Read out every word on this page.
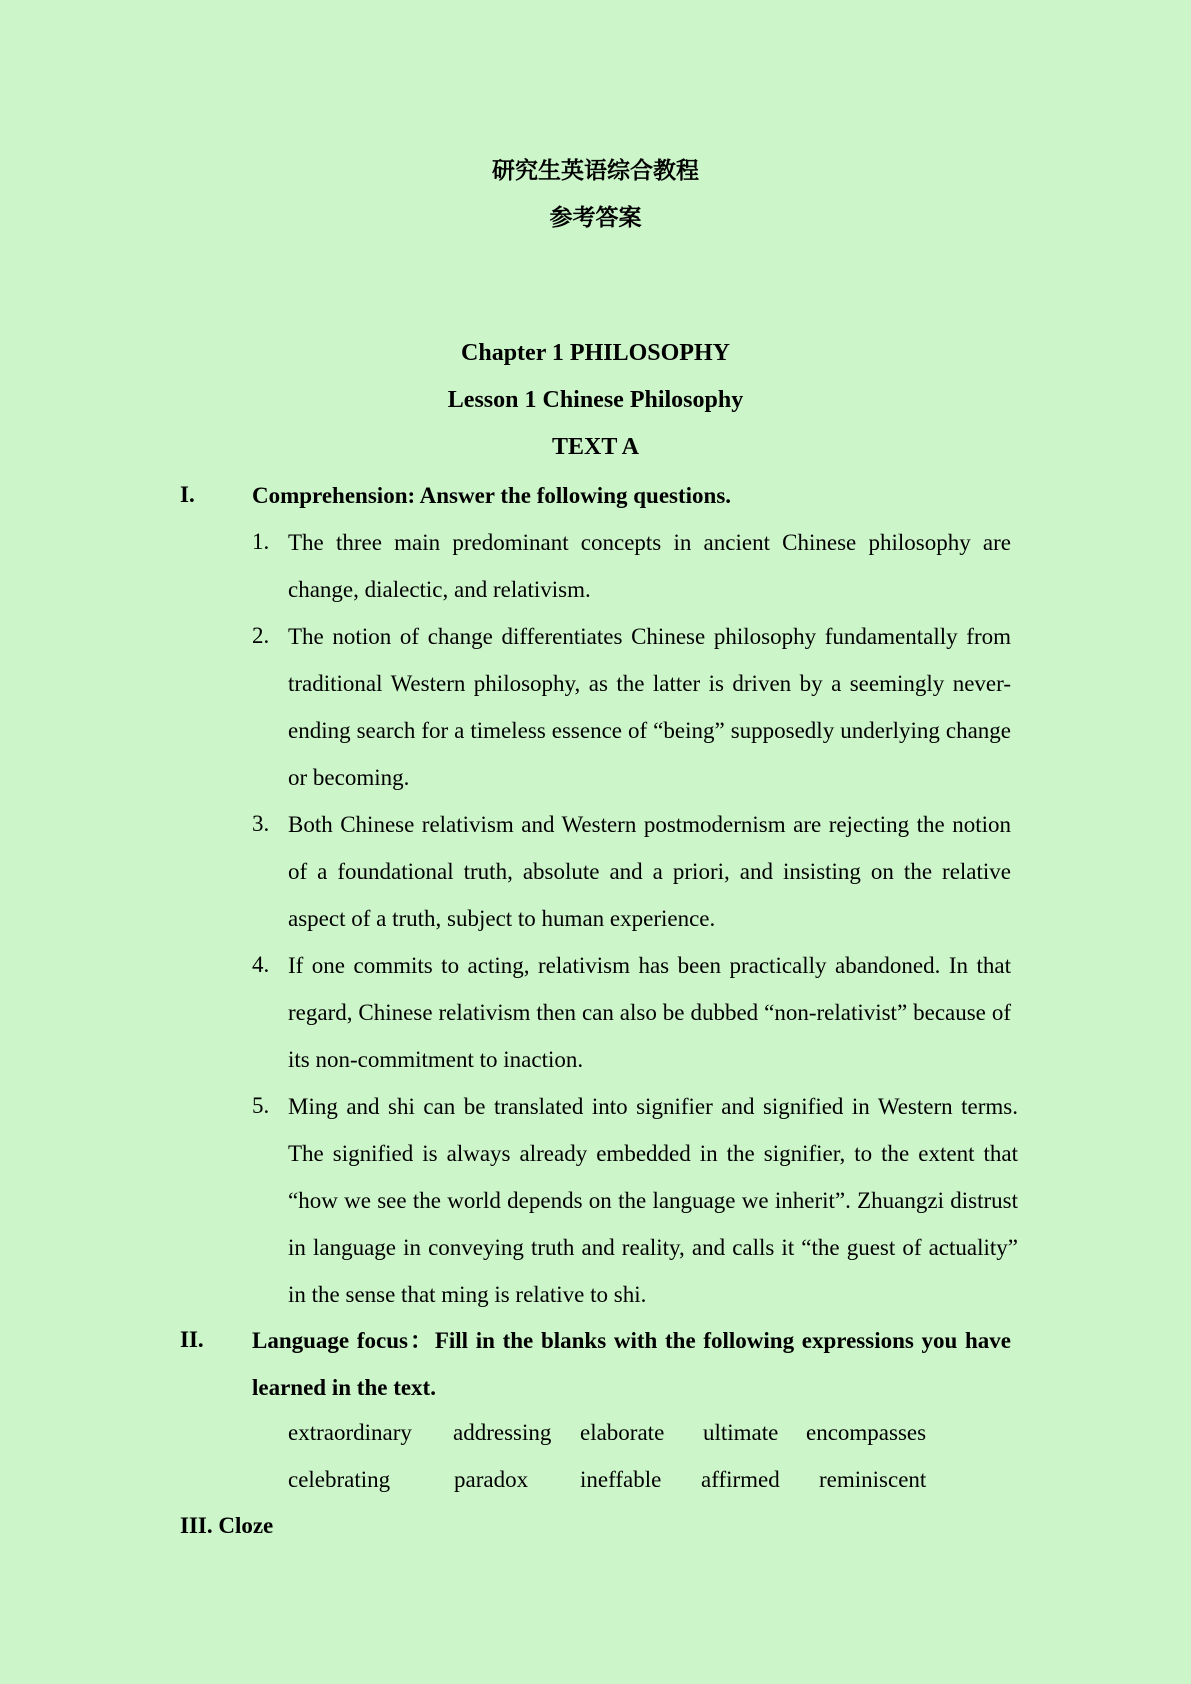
研究生英语综合教程
参考答案
Chapter 1 PHILOSOPHY
Lesson 1 Chinese Philosophy
TEXT A
I. Comprehension: Answer the following questions.
1. The three main predominant concepts in ancient Chinese philosophy are change, dialectic, and relativism.
2. The notion of change differentiates Chinese philosophy fundamentally from traditional Western philosophy, as the latter is driven by a seemingly never-ending search for a timeless essence of “being” supposedly underlying change or becoming.
3. Both Chinese relativism and Western postmodernism are rejecting the notion of a foundational truth, absolute and a priori, and insisting on the relative aspect of a truth, subject to human experience.
4. If one commits to acting, relativism has been practically abandoned. In that regard, Chinese relativism then can also be dubbed “non-relativist” because of its non-commitment to inaction.
5. Ming and shi can be translated into signifier and signified in Western terms. The signified is always already embedded in the signifier, to the extent that “how we see the world depends on the language we inherit”. Zhuangzi distrust in language in conveying truth and reality, and calls it “the guest of actuality” in the sense that ming is relative to shi.
II. Language focus：Fill in the blanks with the following expressions you have learned in the text.
extraordinary addressing elaborate ultimate encompasses
celebrating	paradox ineffable affirmed reminiscent
III. Cloze
